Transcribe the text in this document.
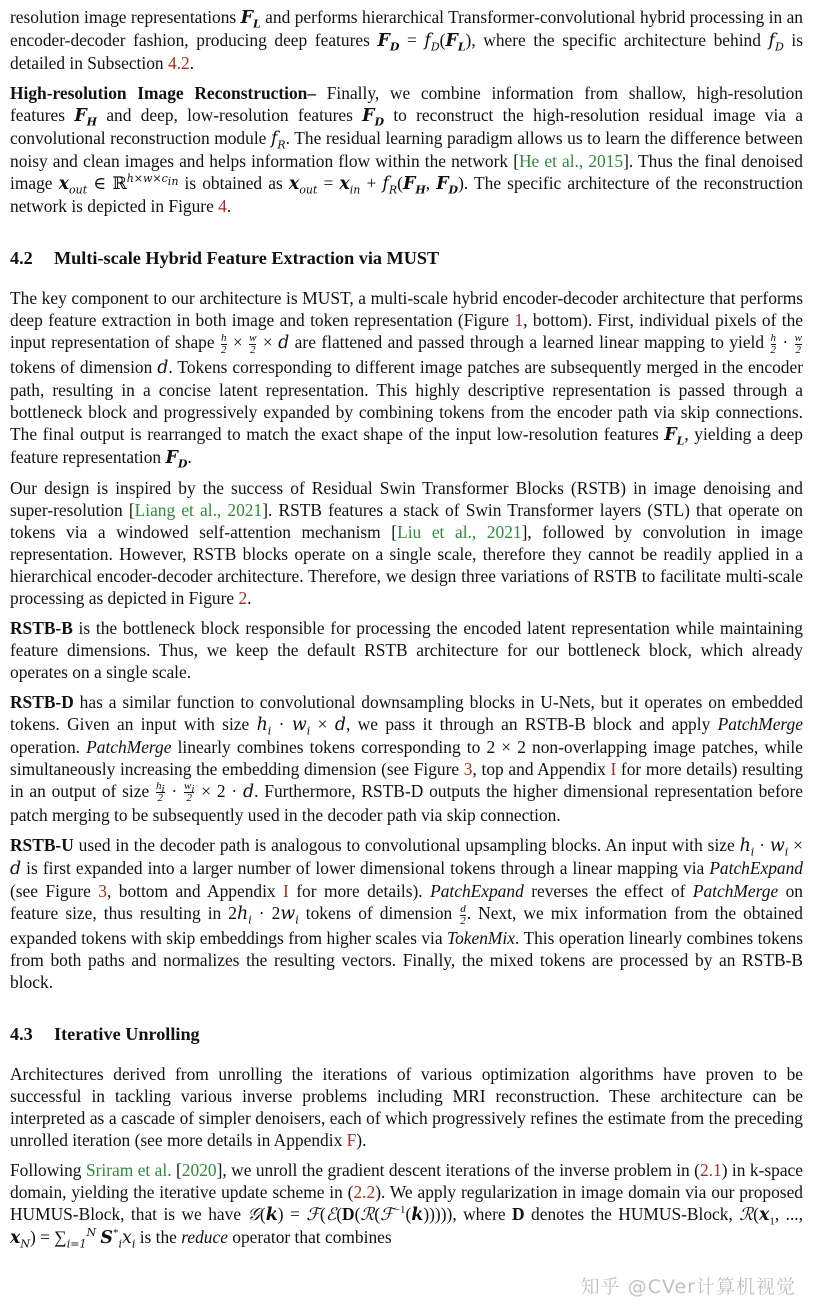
resolution image representations $F_L$ and performs hierarchical Transformer-convolutional hybrid processing in an encoder-decoder fashion, producing deep features $F_D = f_D(F_L)$, where the specific architecture behind $f_D$ is detailed in Subsection 4.2.

High-resolution Image Reconstruction– Finally, we combine information from shallow, high-resolution features $F_H$ and deep, low-resolution features $F_D$ to reconstruct the high-resolution residual image via a convolutional reconstruction module $f_R$. The residual learning paradigm allows us to learn the difference between noisy and clean images and helps information flow within the network [He et al., 2015]. Thus the final denoised image $x_{out}$ ∈ ℝ$^{h\times w\times c_{in}}$ is obtained as $x_{out} = x_{in} + f_R(F_H$, $F_D$). The specific architecture of the reconstruction network is depicted in Figure 4.

4.2 Multi-scale Hybrid Feature Extraction via MUST

The key component to our architecture is MUST, a multi-scale hybrid encoder-decoder architecture that performs deep feature extraction in both image and token representation (Figure 1, bottom). First, individual pixels of the input representation of shape $\frac{h}{2} \times \frac{w}{2} \times d$ are flattened and passed through a learned linear mapping to yield $\frac{h}{2} \cdot \frac{w}{2}$
tokens of dimension d. Tokens corresponding to different image patches are subsequently merged in the encoder path, resulting in a concise latent representation. This highly descriptive representation is passed through a bottleneck block and progressively expanded by combining tokens from the encoder path via skip connections. The final output is rearranged to match the exact shape of the input low-resolution features $F_L$, yielding a deep feature representation $F_D$.

Our design is inspired by the success of Residual Swin Transformer Blocks (RSTB) in image denoising and super-resolution [Liang et al., 2021]. RSTB features a stack of Swin Transformer layers (STL) that operate on tokens via a windowed self-attention mechanism [Liu et al., 2021], followed by convolution in image representation. However, RSTB blocks operate on a single scale, therefore they cannot be readily applied in a hierarchical encoder-decoder architecture. Therefore, we design three variations of RSTB to facilitate multi-scale processing as depicted in Figure 2.

RSTB-B is the bottleneck block responsible for processing the encoded latent representation while maintaining feature dimensions. Thus, we keep the default RSTB architecture for our bottleneck block, which already operates on a single scale.

RSTB-D has a similar function to convolutional downsampling blocks in U-Nets, but it operates on embedded tokens. Given an input with size $h_i \cdot w_i \times d$, we pass it through an RSTB-B block and apply PatchMerge operation. PatchMerge linearly combines tokens corresponding to 2 × 2 non-overlapping image patches, while simultaneously increasing the embedding dimension (see Figure 3, top and Appendix I for more details) resulting in an output of size $\frac{h_i}{2} \cdot \frac{w_i}{2} \times 2 \cdot d$. Furthermore, RSTB-D outputs the higher dimensional representation before patch merging to be subsequently used in the decoder path via skip connection.

RSTB-U used in the decoder path is analogous to convolutional upsampling blocks. An input with size $h_i \cdot w_i \times d$ is first expanded into a larger number of lower dimensional tokens through a linear mapping via PatchExpand (see Figure 3, bottom and Appendix I for more details). PatchExpand reverses the effect of PatchMerge on feature size, thus resulting in $2h_i \cdot 2w_i$ tokens of dimension $\frac{d}{2}$ . Next, we mix information from the obtained expanded tokens with skip embeddings from higher scales via TokenMix. This operation linearly combines tokens from both paths and normalizes the resulting vectors. Finally, the mixed tokens are processed by an RSTB-B block.

4.3 Iterative Unrolling

Architectures derived from unrolling the iterations of various optimization algorithms have proven to be successful in tackling various inverse problems including MRI reconstruction. These architecture can be interpreted as a cascade of simpler denoisers, each of which progressively refines the estimate from the preceding unrolled iteration (see more details in Appendix F).

Following Sriram et al. [2020], we unroll the gradient descent iterations of the inverse problem in (2.1) in k-space domain, yielding the iterative update scheme in (2.2). We apply regularization in image domain via our proposed HUMUS-Block, that is we have 𝒢(k) = ℱ(ℰ(D(ℛ(ℱ$^{-1}$(k))))), where D denotes the HUMUS-Block, $ℛ(x_1$, ..., $x_N) = \sum_{i=1}^N$ $S^*_ix_i$ is the reduce operator that combines

知乎 @CVer计算机视觉
